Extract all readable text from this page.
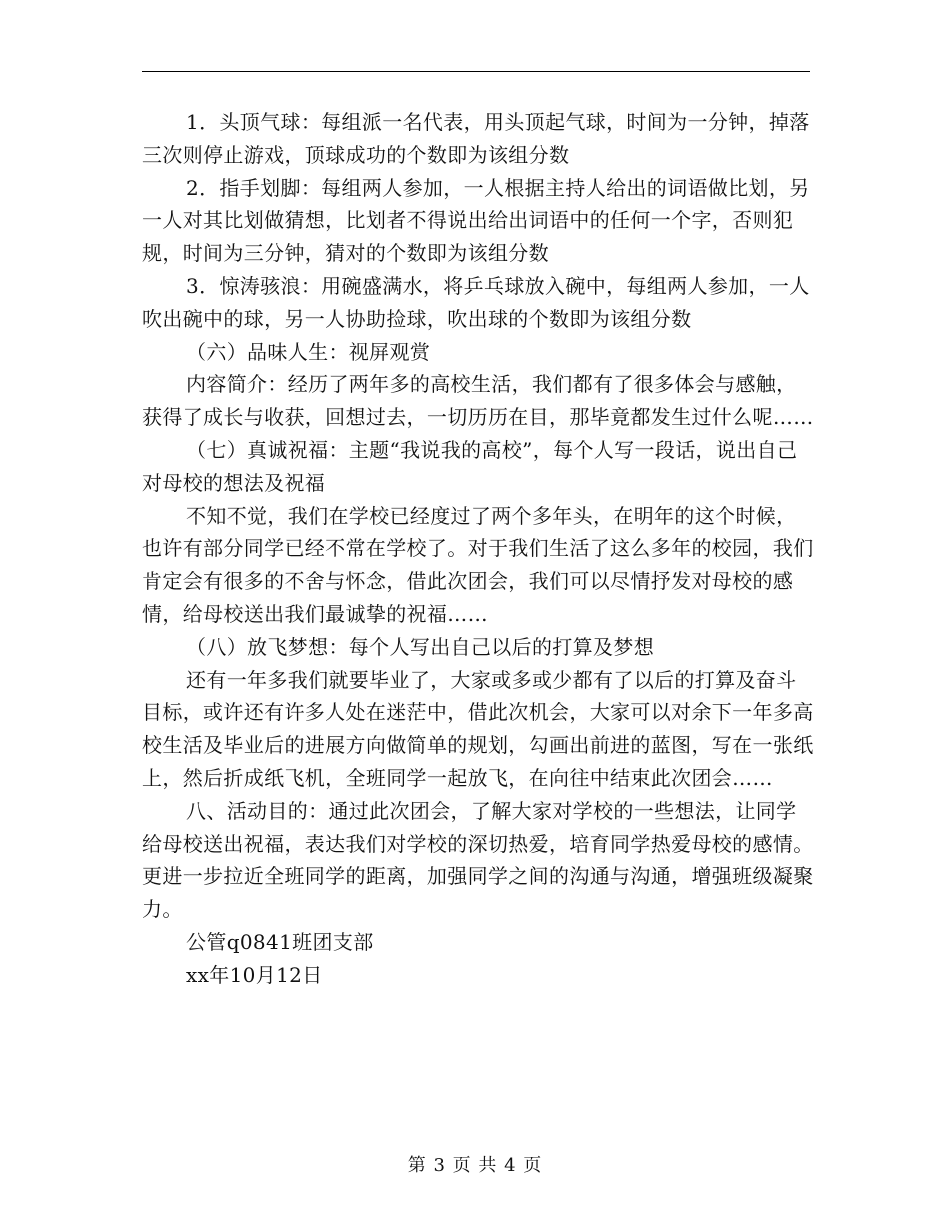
1．头顶气球：每组派一名代表，用头顶起气球，时间为一分钟，掉落三次则停止游戏，顶球成功的个数即为该组分数

2．指手划脚：每组两人参加，一人根据主持人给出的词语做比划，另一人对其比划做猜想，比划者不得说出给出词语中的任何一个字，否则犯规，时间为三分钟，猜对的个数即为该组分数

3．惊涛骇浪：用碗盛满水，将乒乓球放入碗中，每组两人参加，一人吹出碗中的球，另一人协助捡球，吹出球的个数即为该组分数

（六）品味人生：视屏观赏

内容简介：经历了两年多的高校生活，我们都有了很多体会与感触，获得了成长与收获，回想过去，一切历历在目，那毕竟都发生过什么呢……

（七）真诚祝福：主题“我说我的高校”，每个人写一段话，说出自己对母校的想法及祝福

不知不觉，我们在学校已经度过了两个多年头，在明年的这个时候，也许有部分同学已经不常在学校了。对于我们生活了这么多年的校园，我们肯定会有很多的不舍与怀念，借此次团会，我们可以尽情抒发对母校的感情，给母校送出我们最诚挚的祝福……

（八）放飞梦想：每个人写出自己以后的打算及梦想

还有一年多我们就要毕业了，大家或多或少都有了以后的打算及奋斗目标，或许还有许多人处在迷茫中，借此次机会，大家可以对余下一年多高校生活及毕业后的进展方向做简单的规划，勾画出前进的蓝图，写在一张纸上，然后折成纸飞机，全班同学一起放飞，在向往中结束此次团会……

八、活动目的：通过此次团会，了解大家对学校的一些想法，让同学给母校送出祝福，表达我们对学校的深切热爱，培育同学热爱母校的感情。更进一步拉近全班同学的距离，加强同学之间的沟通与沟通，增强班级凝聚力。

公管q0841班团支部

xx年10月12日

第 3 页 共 4 页
